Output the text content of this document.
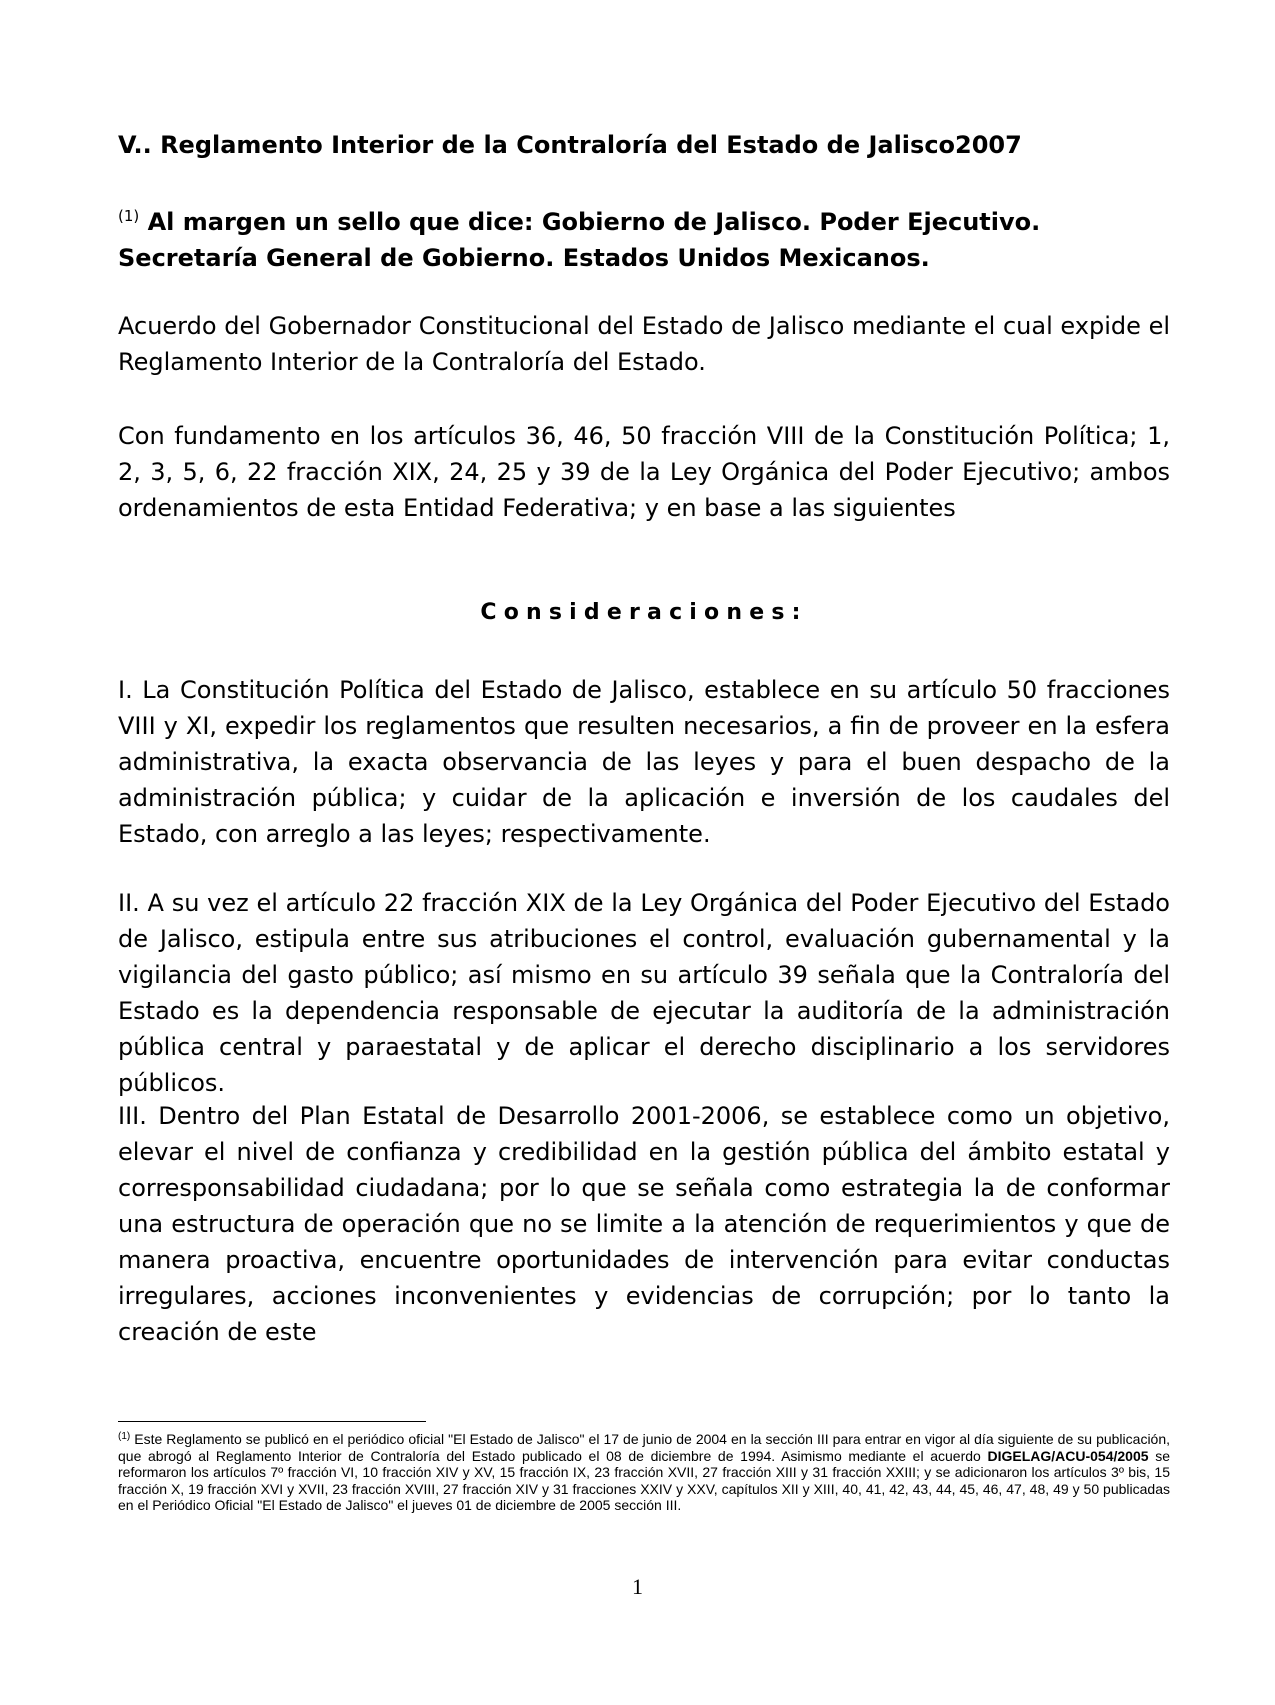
V.. Reglamento Interior de la Contraloría del Estado de Jalisco2007

$^{(1)}$ Al margen un sello que dice: Gobierno de Jalisco. Poder Ejecutivo. Secretaría General de Gobierno. Estados Unidos Mexicanos.

Acuerdo del Gobernador Constitucional del Estado de Jalisco mediante el cual expide el Reglamento Interior de la Contraloría del Estado.

Con fundamento en los artículos 36, 46, 50 fracción VIII de la Constitución Política; 1, 2, 3, 5, 6, 22 fracción XIX, 24, 25 y 39 de la Ley Orgánica del Poder Ejecutivo; ambos ordenamientos de esta Entidad Federativa; y en base a las siguientes

Consideraciones:

I. La Constitución Política del Estado de Jalisco, establece en su artículo 50 fracciones VIII y XI, expedir los reglamentos que resulten necesarios, a fin de proveer en la esfera administrativa, la exacta observancia de las leyes y para el buen despacho de la administración pública; y cuidar de la aplicación e inversión de los caudales del Estado, con arreglo a las leyes; respectivamente.

II. A su vez el artículo 22 fracción XIX de la Ley Orgánica del Poder Ejecutivo del Estado de Jalisco, estipula entre sus atribuciones el control, evaluación gubernamental y la vigilancia del gasto público; así mismo en su artículo 39 señala que la Contraloría del Estado es la dependencia responsable de ejecutar la auditoría de la administración pública central y paraestatal y de aplicar el derecho disciplinario a los servidores públicos.

III. Dentro del Plan Estatal de Desarrollo 2001-2006, se establece como un objetivo, elevar el nivel de confianza y credibilidad en la gestión pública del ámbito estatal y corresponsabilidad ciudadana; por lo que se señala como estrategia la de conformar una estructura de operación que no se limite a la atención de requerimientos y que de manera proactiva, encuentre oportunidades de intervención para evitar conductas irregulares, acciones inconvenientes y evidencias de corrupción; por lo tanto la creación de este

$^{(1)}$ Este Reglamento se publicó en el periódico oficial "El Estado de Jalisco" el 17 de junio de 2004 en la sección III para entrar en vigor al día siguiente de su publicación, que abrogó al Reglamento Interior de Contraloría del Estado publicado el 08 de diciembre de 1994. Asimismo mediante el acuerdo DIGELAG/ACU-054/2005 se reformaron los artículos 7º fracción VI, 10 fracción XIV y XV, 15 fracción IX, 23 fracción XVII, 27 fracción XIII y 31 fracción XXIII; y se adicionaron los artículos 3º bis, 15 fracción X, 19 fracción XVI y XVII, 23 fracción XVIII, 27 fracción XIV y 31 fracciones XXIV y XXV, capítulos XII y XIII, 40, 41, 42, 43, 44, 45, 46, 47, 48, 49 y 50 publicadas en el Periódico Oficial "El Estado de Jalisco" el jueves 01 de diciembre de 2005 sección III.

1
